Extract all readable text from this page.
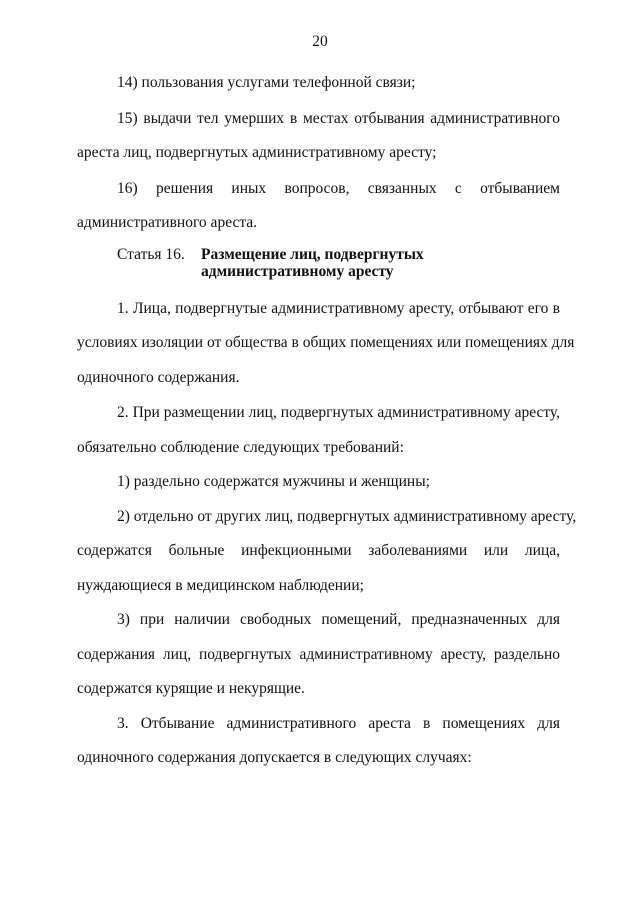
20
14) пользования услугами телефонной связи;
15) выдачи тел умерших в местах отбывания административного
ареста лиц, подвергнутых административному аресту;
16) решения иных вопросов, связанных с отбыванием
административного ареста.
Статья 16. Размещение лиц, подвергнутых
административному аресту
1. Лица, подвергнутые административному аресту, отбывают его в
условиях изоляции от общества в общих помещениях или помещениях для
одиночного содержания.
2. При размещении лиц, подвергнутых административному аресту,
обязательно соблюдение следующих требований:
1) раздельно содержатся мужчины и женщины;
2) отдельно от других лиц, подвергнутых административному аресту,
содержатся больные инфекционными заболеваниями или лица,
нуждающиеся в медицинском наблюдении;
3) при наличии свободных помещений, предназначенных для
содержания лиц, подвергнутых административному аресту, раздельно
содержатся курящие и некурящие.
3. Отбывание административного ареста в помещениях для
одиночного содержания допускается в следующих случаях:
